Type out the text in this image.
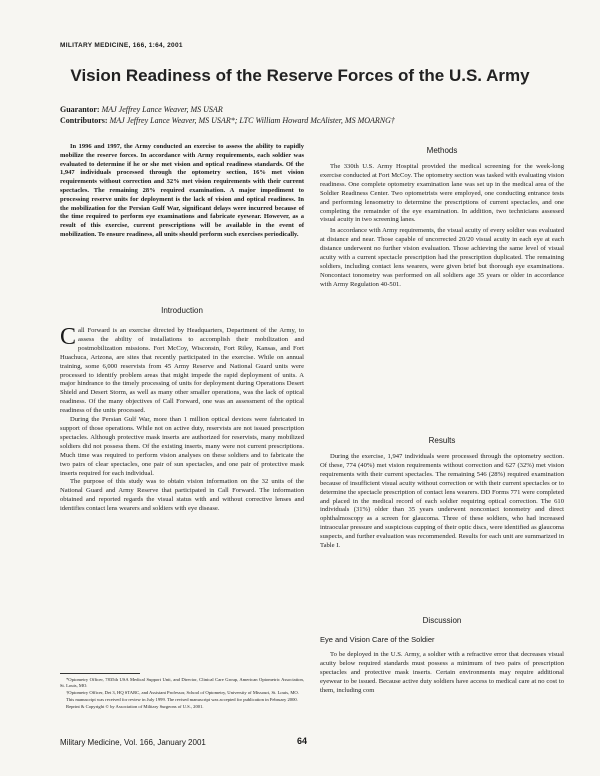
MILITARY MEDICINE, 166, 1:64, 2001
Vision Readiness of the Reserve Forces of the U.S. Army
Guarantor: MAJ Jeffrey Lance Weaver, MS USAR
Contributors: MAJ Jeffrey Lance Weaver, MS USAR*; LTC William Howard McAlister, MS MOARNG†

In 1996 and 1997, the Army conducted an exercise to assess the ability to rapidly mobilize the reserve forces. In accordance with Army requirements, each soldier was evaluated to determine if he or she met vision and optical readiness standards. Of the 1,947 individuals processed through the optometry section, 16% met vision requirements without correction and 32% met vision requirements with their current spectacles. The remaining 28% required examination. A major impediment to processing reserve units for deployment is the lack of vision and optical readiness. In the mobilization for the Persian Gulf War, significant delays were incurred because of the time required to perform eye examinations and fabricate eyewear. However, as a result of this exercise, current prescriptions will be available in the event of mobilization. To ensure readiness, all units should perform such exercises periodically.

Introduction

Call Forward is an exercise directed by Headquarters, Department of the Army, to assess the ability of installations to accomplish their mobilization and postmobilization missions. Fort McCoy, Wisconsin, Fort Riley, Kansas, and Fort Huachuca, Arizona, are sites that recently participated in the exercise. While on annual training, some 6,000 reservists from 45 Army Reserve and National Guard units were processed to identify problem areas that might impede the rapid deployment of units. A major hindrance to the timely processing of units for deployment during Operations Desert Shield and Desert Storm, as well as many other smaller operations, was the lack of optical readiness. Of the many objectives of Call Forward, one was an assessment of the optical readiness of the units processed.

During the Persian Gulf War, more than 1 million optical devices were fabricated in support of those operations. While not on active duty, reservists are not issued prescription spectacles. Although protective mask inserts are authorized for reservists, many mobilized soldiers did not possess them. Of the existing inserts, many were not current prescriptions. Much time was required to perform vision analyses on these soldiers and to fabricate the two pairs of clear spectacles, one pair of sun spectacles, and one pair of protective mask inserts required for each individual.

The purpose of this study was to obtain vision information on the 32 units of the National Guard and Army Reserve that participated in Call Forward. The information obtained and reported regards the visual status with and without corrective lenses and identifies contact lens wearers and soldiers with eye disease.

*Optometry Officer, 7835th USA Medical Support Unit, and Director, Clinical Care Group, American Optometric Association, St. Louis, MO.

†Optometry Officer, Det 3, HQ STARC, and Assistant Professor, School of Optometry, University of Missouri, St. Louis, MO.

This manuscript was received for review in July 1999. The revised manuscript was accepted for publication in February 2000.

Reprint & Copyright © by Association of Military Surgeons of U.S., 2001.

Methods

The 330th U.S. Army Hospital provided the medical screening for the week-long exercise conducted at Fort McCoy. The optometry section was tasked with evaluating vision readiness. One complete optometry examination lane was set up in the medical area of the Soldier Readiness Center. Two optometrists were employed, one conducting entrance tests and performing lensometry to determine the prescriptions of current spectacles, and one completing the remainder of the eye examination. In addition, two technicians assessed visual acuity in two screening lanes.

In accordance with Army requirements, the visual acuity of every soldier was evaluated at distance and near. Those capable of uncorrected 20/20 visual acuity in each eye at each distance underwent no further vision evaluation. Those achieving the same level of visual acuity with a current spectacle prescription had the prescription duplicated. The remaining soldiers, including contact lens wearers, were given brief but thorough eye examinations. Noncontact tonometry was performed on all soldiers age 35 years or older in accordance with Army Regulation 40-501.

Results

During the exercise, 1,947 individuals were processed through the optometry section. Of these, 774 (40%) met vision requirements without correction and 627 (32%) met vision requirements with their current spectacles. The remaining 546 (28%) required examination because of insufficient visual acuity without correction or with their current spectacles or to determine the spectacle prescription of contact lens wearers. DD Forms 771 were completed and placed in the medical record of each soldier requiring optical correction. The 610 individuals (31%) older than 35 years underwent noncontact tonometry and direct ophthalmoscopy as a screen for glaucoma. Three of these soldiers, who had increased intraocular pressure and suspicious cupping of their optic discs, were identified as glaucoma suspects, and further evaluation was recommended. Results for each unit are summarized in Table I.

Discussion
Eye and Vision Care of the Soldier

To be deployed in the U.S. Army, a soldier with a refractive error that decreases visual acuity below required standards must possess a minimum of two pairs of prescription spectacles and protective mask inserts. Certain environments may require additional eyewear to be issued. Because active duty soldiers have access to medical care at no cost to them, including com

Military Medicine, Vol. 166, January 2001	64
